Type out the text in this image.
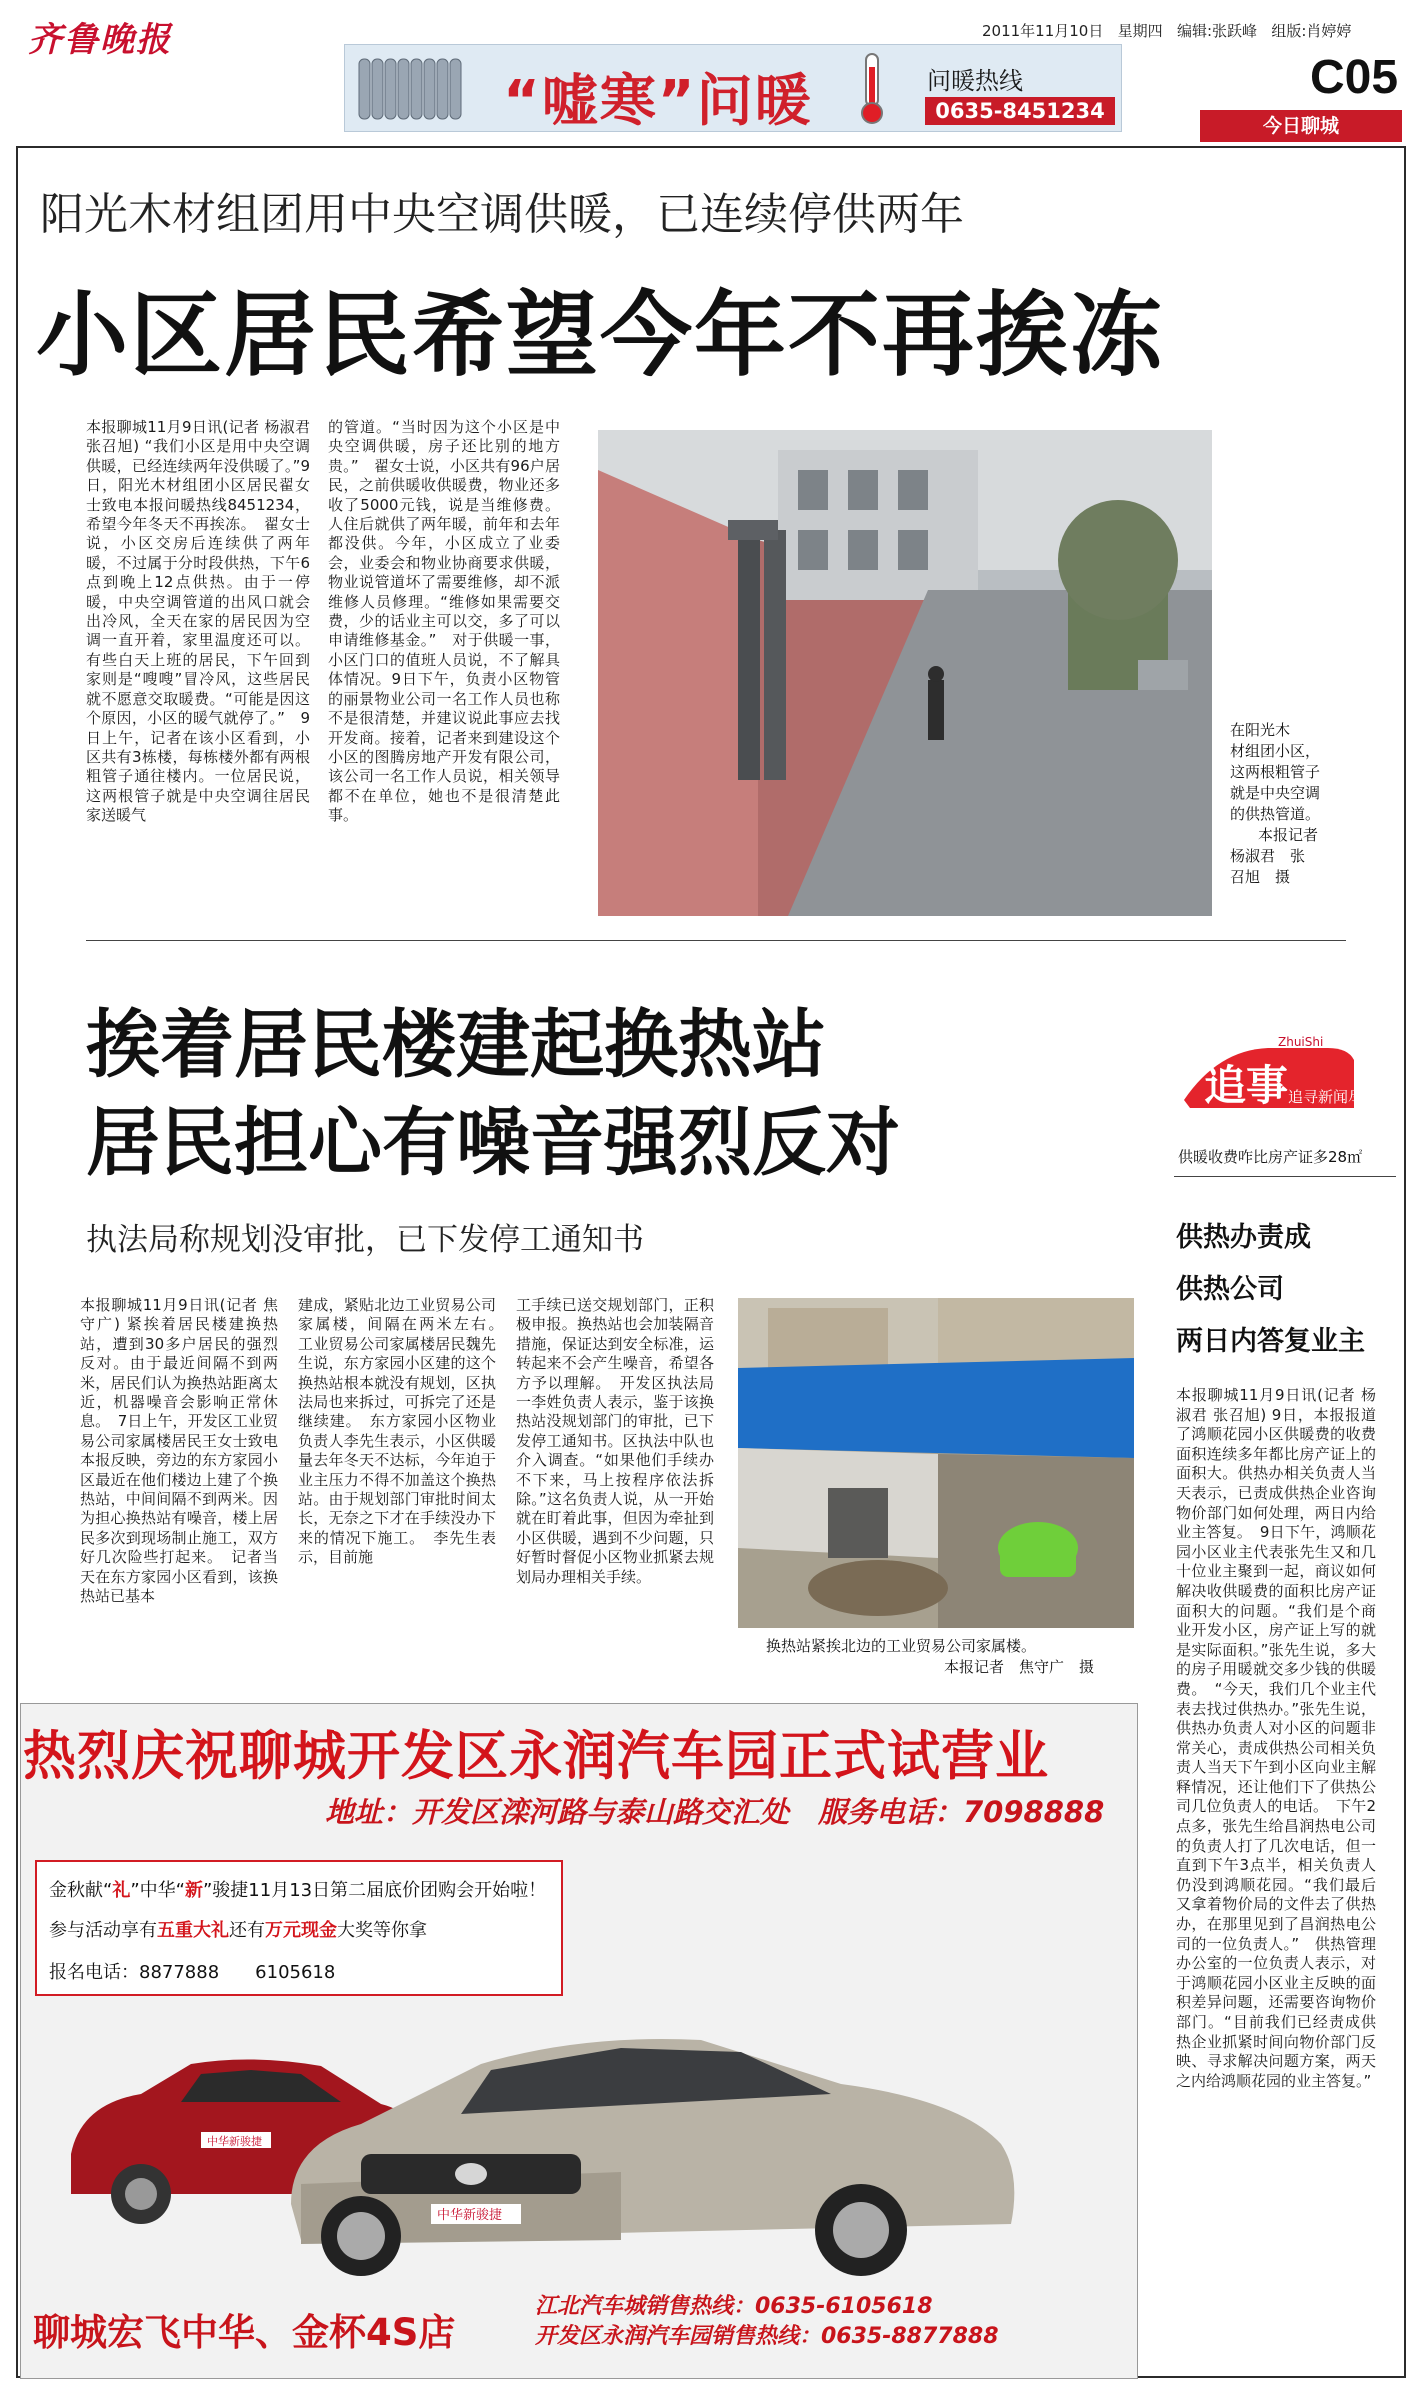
齐鲁晚报	2011年11月10日 星期四 编辑:张跃峰 组版:肖婷婷
“嘘寒”问暖	问暖热线
0635-8451234
C05
今日聊城
阳光木材组团用中央空调供暖，已连续停供两年
小区居民希望今年不再挨冻
本报聊城11月9日讯(记者 杨淑君 张召旭) “我们小区是用中央空调供暖，已经连续两年没供暖了。”9日，阳光木材组团小区居民翟女士致电本报问暖热线8451234，希望今年冬天不再挨冻。　翟女士说，小区交房后连续供了两年暖，不过属于分时段供热，下午6点到晚上12点供热。由于一停暖，中央空调管道的出风口就会出冷风，全天在家的居民因为空调一直开着，家里温度还可以。有些白天上班的居民，下午回到家则是“嗖嗖”冒冷风，这些居民就不愿意交取暖费。“可能是因这个原因，小区的暖气就停了。”　9日上午，记者在该小区看到，小区共有3栋楼，每栋楼外都有两根粗管子通往楼内。一位居民说，这两根管子就是中央空调往居民家送暖气
的管道。“当时因为这个小区是中央空调供暖，房子还比别的地方贵。”　翟女士说，小区共有96户居民，之前供暖收供暖费，物业还多收了5000元钱，说是当维修费。人住后就供了两年暖，前年和去年都没供。今年，小区成立了业委会，业委会和物业协商要求供暖，物业说管道坏了需要维修，却不派维修人员修理。“维修如果需要交费，少的话业主可以交，多了可以申请维修基金。”　对于供暖一事，小区门口的值班人员说，不了解具体情况。9日下午，负责小区物管的丽景物业公司一名工作人员也称不是很清楚，并建议说此事应去找开发商。接着，记者来到建设这个小区的图腾房地产开发有限公司，该公司一名工作人员说，相关领导都不在单位，她也不是很清楚此事。
在阳光木
材组团小区，
这两根粗管子
就是中央空调
的供热管道。
本报记者
杨淑君　张
召旭　摄
挨着居民楼建起换热站
居民担心有噪音强烈反对
执法局称规划没审批，已下发停工通知书
本报聊城11月9日讯(记者 焦守广) 紧挨着居民楼建换热站，遭到30多户居民的强烈反对。由于最近间隔不到两米，居民们认为换热站距离太近，机器噪音会影响正常休息。　7日上午，开发区工业贸易公司家属楼居民王女士致电本报反映，旁边的东方家园小区最近在他们楼边上建了个换热站，中间间隔不到两米。因为担心换热站有噪音，楼上居民多次到现场制止施工，双方好几次险些打起来。　记者当天在东方家园小区看到，该换热站已基本
建成，紧贴北边工业贸易公司家属楼，间隔在两米左右。　工业贸易公司家属楼居民魏先生说，东方家园小区建的这个换热站根本就没有规划，区执法局也来拆过，可拆完了还是继续建。　东方家园小区物业负责人李先生表示，小区供暖量去年冬天不达标，今年迫于业主压力不得不加盖这个换热站。由于规划部门审批时间太长，无奈之下才在手续没办下来的情况下施工。　李先生表示，目前施
工手续已送交规划部门，正积极申报。换热站也会加装隔音措施，保证达到安全标准，运转起来不会产生噪音，希望各方予以理解。　开发区执法局一李姓负责人表示，鉴于该换热站没规划部门的审批，已下发停工通知书。区执法中队也介入调查。“如果他们手续办不下来，马上按程序依法拆除。”这名负责人说，从一开始就在盯着此事，但因为牵扯到小区供暖，遇到不少问题，只好暂时督促小区物业抓紧去规划局办理相关手续。
换热站紧挨北边的工业贸易公司家属楼。
本报记者　焦守广　摄
追事
ZhuiShi
追寻新闻尽头
供暖收费咋比房产证多28㎡
供热办责成
供热公司
两日内答复业主
本报聊城11月9日讯(记者 杨淑君 张召旭) 9日，本报报道了鸿顺花园小区供暖费的收费面积连续多年都比房产证上的面积大。供热办相关负责人当天表示，已责成供热企业咨询物价部门如何处理，两日内给业主答复。　9日下午，鸿顺花园小区业主代表张先生又和几十位业主聚到一起，商议如何解决收供暖费的面积比房产证面积大的问题。“我们是个商业开发小区，房产证上写的就是实际面积。”张先生说，多大的房子用暖就交多少钱的供暖费。　“今天，我们几个业主代表去找过供热办。”张先生说，供热办负责人对小区的问题非常关心，责成供热公司相关负责人当天下午到小区向业主解释情况，还让他们下了供热公司几位负责人的电话。　下午2点多，张先生给昌润热电公司的负责人打了几次电话，但一直到下午3点半，相关负责人仍没到鸿顺花园。“我们最后又拿着物价局的文件去了供热办，在那里见到了昌润热电公司的一位负责人。”　供热管理办公室的一位负责人表示，对于鸿顺花园小区业主反映的面积差异问题，还需要咨询物价部门。“目前我们已经责成供热企业抓紧时间向物价部门反映、寻求解决问题方案，两天之内给鸿顺花园的业主答复。”
热烈庆祝聊城开发区永润汽车园正式试营业
地址：开发区滦河路与泰山路交汇处　服务电话：7098888
金秋献“礼”中华“新”骏捷11月13日第二届底价团购会开始啦！
参与活动享有五重大礼还有万元现金大奖等你拿
报名电话：8877888　　6105618
中华新骏捷
中华新骏捷
聊城宏飞中华、金杯4S店
江北汽车城销售热线：0635-6105618
开发区永润汽车园销售热线：0635-8877888
